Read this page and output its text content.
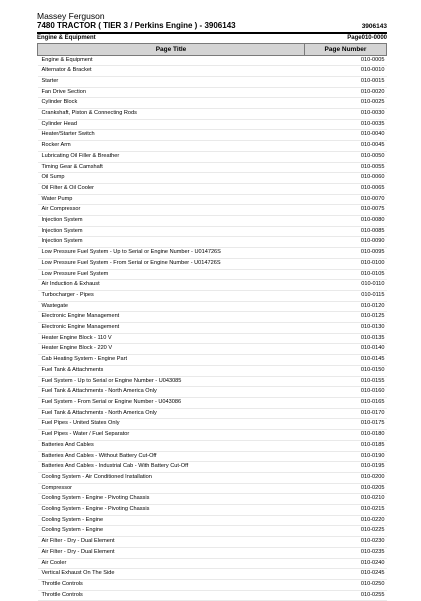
Massey Ferguson
7480 TRACTOR ( TIER 3 / Perkins Engine ) - 3906143	3906143
Engine & Equipment	Page010-0000
Page Title	Page Number
Engine & Equipment	010-0005
Alternator & Bracket	010-0010
Starter	010-0015
Fan Drive Section	010-0020
Cylinder Block	010-0025
Crankshaft, Piston & Connecting Rods	010-0030
Cylinder Head	010-0035
Heater/Starter Switch	010-0040
Rocker Arm	010-0045
Lubricating Oil Filler & Breather	010-0050
Timing Gear & Camshaft	010-0055
Oil Sump	010-0060
Oil Filter & Oil Cooler	010-0065
Water Pump	010-0070
Air Compressor	010-0075
Injection System	010-0080
Injection System	010-0085
Injection System	010-0090
Low Pressure Fuel System - Up to Serial or Engine Number - U014726S	010-0095
Low Pressure Fuel System - From Serial or Engine Number - U014726S	010-0100
Low Pressure Fuel System	010-0105
Air Induction & Exhaust	010-0110
Turbocharger - Pipes	010-0115
Wastegate	010-0120
Electronic Engine Management	010-0125
Electronic Engine Management	010-0130
Heater Engine Block - 110 V	010-0135
Heater Engine Block - 220 V	010-0140
Cab Heating System - Engine Part	010-0145
Fuel Tank & Attachments	010-0150
Fuel System - Up to Serial or Engine Number - U043085	010-0155
Fuel Tank & Attachments - North America Only	010-0160
Fuel System - From Serial or Engine Number - U043086	010-0165
Fuel Tank & Attachments - North America Only	010-0170
Fuel Pipes - United States Only	010-0175
Fuel Pipes - Water / Fuel Separator	010-0180
Batteries And Cables	010-0185
Batteries And Cables - Without Battery Cut-Off	010-0190
Batteries And Cables - Industrial Cab - With Battery Cut-Off	010-0195
Cooling System - Air Conditioned Installation	010-0200
Compressor	010-0205
Cooling System - Engine - Pivoting Chassis	010-0210
Cooling System - Engine - Pivoting Chassis	010-0215
Cooling System - Engine	010-0220
Cooling System - Engine	010-0225
Air Filter - Dry - Dual Element	010-0230
Air Filter - Dry - Dual Element	010-0235
Air Cooler	010-0240
Vertical Exhaust On The Side	010-0245
Throttle Controls	010-0250
Throttle Controls	010-0255
